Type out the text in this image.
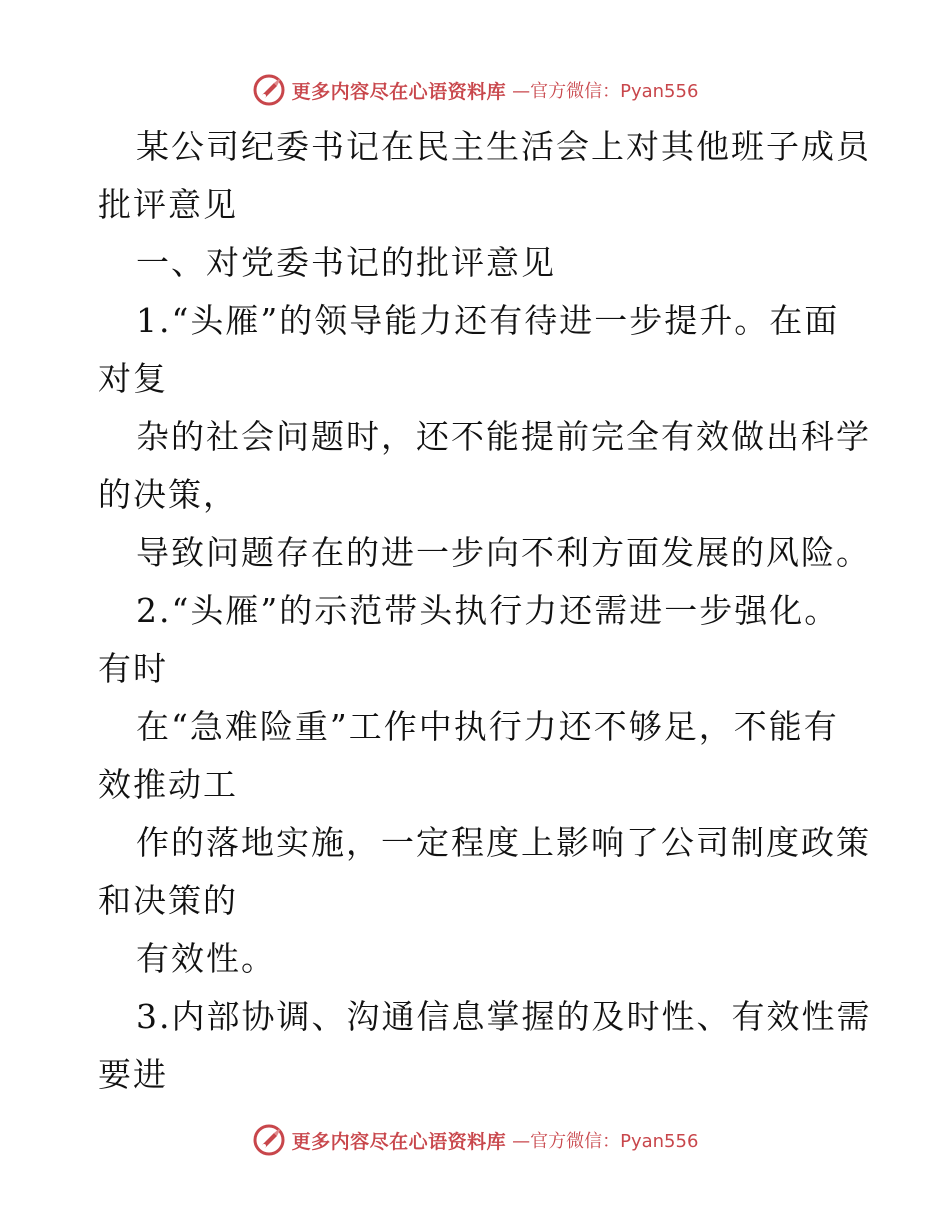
更多内容尽在心语资料库 —官方微信：Pyan556
某公司纪委书记在民主生活会上对其他班子成员
批评意见
一、对党委书记的批评意见
1.“头雁”的领导能力还有待进一步提升。在面
对复
杂的社会问题时，还不能提前完全有效做出科学
的决策，
导致问题存在的进一步向不利方面发展的风险。
2.“头雁”的示范带头执行力还需进一步强化。
有时
在“急难险重”工作中执行力还不够足，不能有
效推动工
作的落地实施，一定程度上影响了公司制度政策
和决策的
有效性。
3.内部协调、沟通信息掌握的及时性、有效性需
要进
更多内容尽在心语资料库 —官方微信：Pyan556
